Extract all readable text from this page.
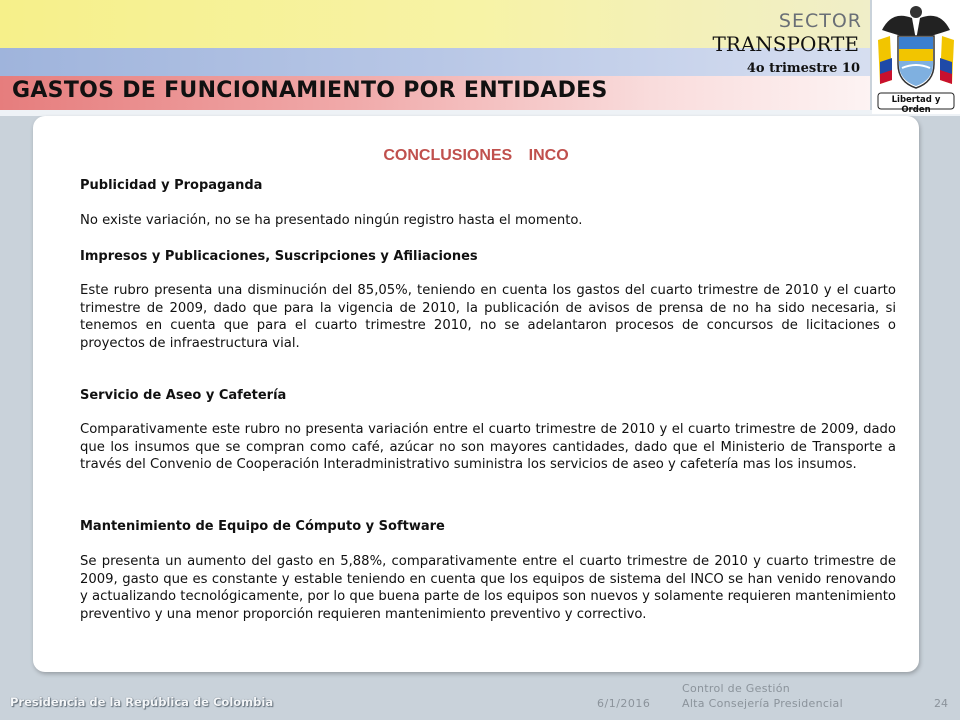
SECTOR
TRANSPORTE
4o trimestre 10
GASTOS DE FUNCIONAMIENTO POR ENTIDADES	Libertad y Orden
CONCLUSIONES INCO
Publicidad y Propaganda
No existe variación, no se ha presentado ningún registro hasta el momento.
Impresos y Publicaciones, Suscripciones y Afiliaciones
Este rubro presenta una disminución del 85,05%, teniendo en cuenta los gastos del cuarto trimestre de 2010 y el cuarto trimestre de 2009, dado que para la vigencia de 2010, la publicación de avisos de prensa de no ha sido necesaria, si tenemos en cuenta que para el cuarto trimestre 2010, no se adelantaron procesos de concursos de licitaciones o proyectos de infraestructura vial.
Servicio de Aseo y Cafetería
Comparativamente este rubro no presenta variación entre el cuarto trimestre de 2010 y el cuarto trimestre de 2009, dado que los insumos que se compran como café, azúcar no son mayores cantidades, dado que el Ministerio de Transporte a través del Convenio de Cooperación Interadministrativo suministra los servicios de aseo y cafetería mas los insumos.
Mantenimiento de Equipo de Cómputo y Software
Se presenta un aumento del gasto en 5,88%, comparativamente entre el cuarto trimestre de 2010 y cuarto trimestre de 2009, gasto que es constante y estable teniendo en cuenta que los equipos de sistema del INCO se han venido renovando y actualizando tecnológicamente, por lo que buena parte de los equipos son nuevos y solamente requieren mantenimiento preventivo y una menor proporción requieren mantenimiento preventivo y correctivo.
Presidencia de la República de Colombia	6/1/2016
Control de Gestión
Alta Consejería Presidencial	24
